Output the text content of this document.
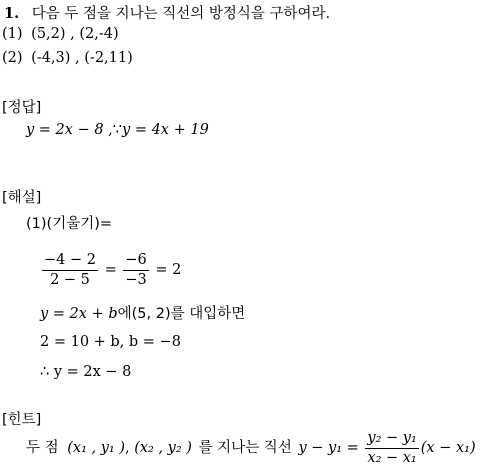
1. 다음 두 점을 지나는 직선의 방정식을 구하여라.
(1) (5,2) , (2,-4)
(2) (-4,3) , (-2,11)
[정답]
y = 2x − 8 ,∵y = 4x + 19
[해설]
(1)(기울기)=
$\frac{-4 - 2}{2 - 5} = \frac{-6}{-3} = 2$
y = 2x + b에(5, 2)를 대입하면
2 = 10 + b, b = −8
∴ y = 2x − 8
[힌트]
두 점 (x₁ , y₁ ), (x₂ , y₂ ) 를 지나는 직선 $y - y_1 = \frac{\text{y₂ − y₁}}{\text{x₂ − x₁}} (x - x_1)$
